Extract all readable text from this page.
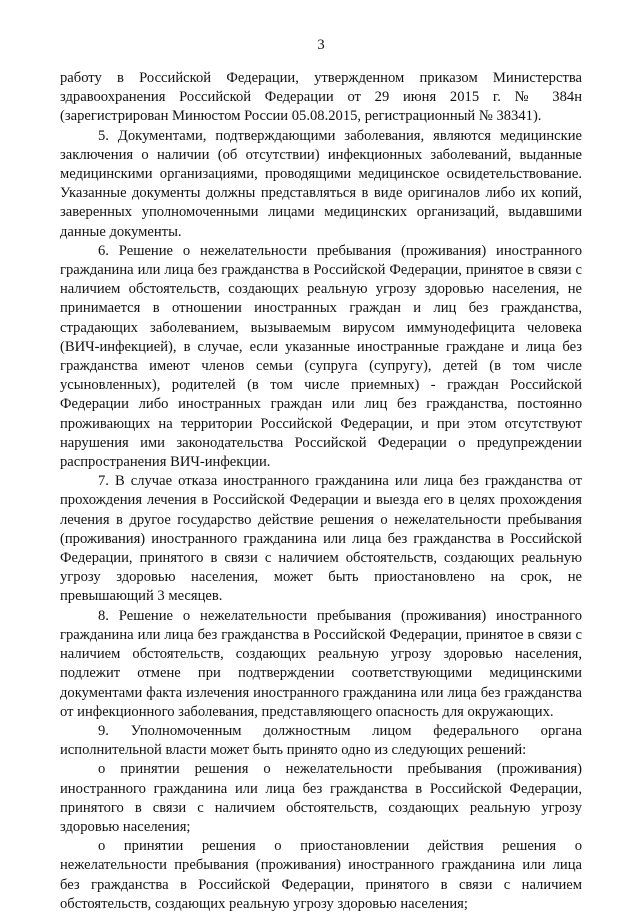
3

работу в Российской Федерации, утвержденном приказом Министерства здравоохранения Российской Федерации от 29 июня 2015 г. № 384н (зарегистрирован Минюстом России 05.08.2015, регистрационный № 38341).

5. Документами, подтверждающими заболевания, являются медицинские заключения о наличии (об отсутствии) инфекционных заболеваний, выданные медицинскими организациями, проводящими медицинское освидетельствование. Указанные документы должны представляться в виде оригиналов либо их копий, заверенных уполномоченными лицами медицинских организаций, выдавшими данные документы.

6. Решение о нежелательности пребывания (проживания) иностранного гражданина или лица без гражданства в Российской Федерации, принятое в связи с наличием обстоятельств, создающих реальную угрозу здоровью населения, не принимается в отношении иностранных граждан и лиц без гражданства, страдающих заболеванием, вызываемым вирусом иммунодефицита человека (ВИЧ-инфекцией), в случае, если указанные иностранные граждане и лица без гражданства имеют членов семьи (супруга (супругу), детей (в том числе усыновленных), родителей (в том числе приемных) - граждан Российской Федерации либо иностранных граждан или лиц без гражданства, постоянно проживающих на территории Российской Федерации, и при этом отсутствуют нарушения ими законодательства Российской Федерации о предупреждении распространения ВИЧ-инфекции.

7. В случае отказа иностранного гражданина или лица без гражданства от прохождения лечения в Российской Федерации и выезда его в целях прохождения лечения в другое государство действие решения о нежелательности пребывания (проживания) иностранного гражданина или лица без гражданства в Российской Федерации, принятого в связи с наличием обстоятельств, создающих реальную угрозу здоровью населения, может быть приостановлено на срок, не превышающий 3 месяцев.

8. Решение о нежелательности пребывания (проживания) иностранного гражданина или лица без гражданства в Российской Федерации, принятое в связи с наличием обстоятельств, создающих реальную угрозу здоровью населения, подлежит отмене при подтверждении соответствующими медицинскими документами факта излечения иностранного гражданина или лица без гражданства от инфекционного заболевания, представляющего опасность для окружающих.

9. Уполномоченным должностным лицом федерального органа исполнительной власти может быть принято одно из следующих решений:

о принятии решения о нежелательности пребывания (проживания) иностранного гражданина или лица без гражданства в Российской Федерации, принятого в связи с наличием обстоятельств, создающих реальную угрозу здоровью населения;

о принятии решения о приостановлении действия решения о нежелательности пребывания (проживания) иностранного гражданина или лица без гражданства в Российской Федерации, принятого в связи с наличием обстоятельств, создающих реальную угрозу здоровью населения;
